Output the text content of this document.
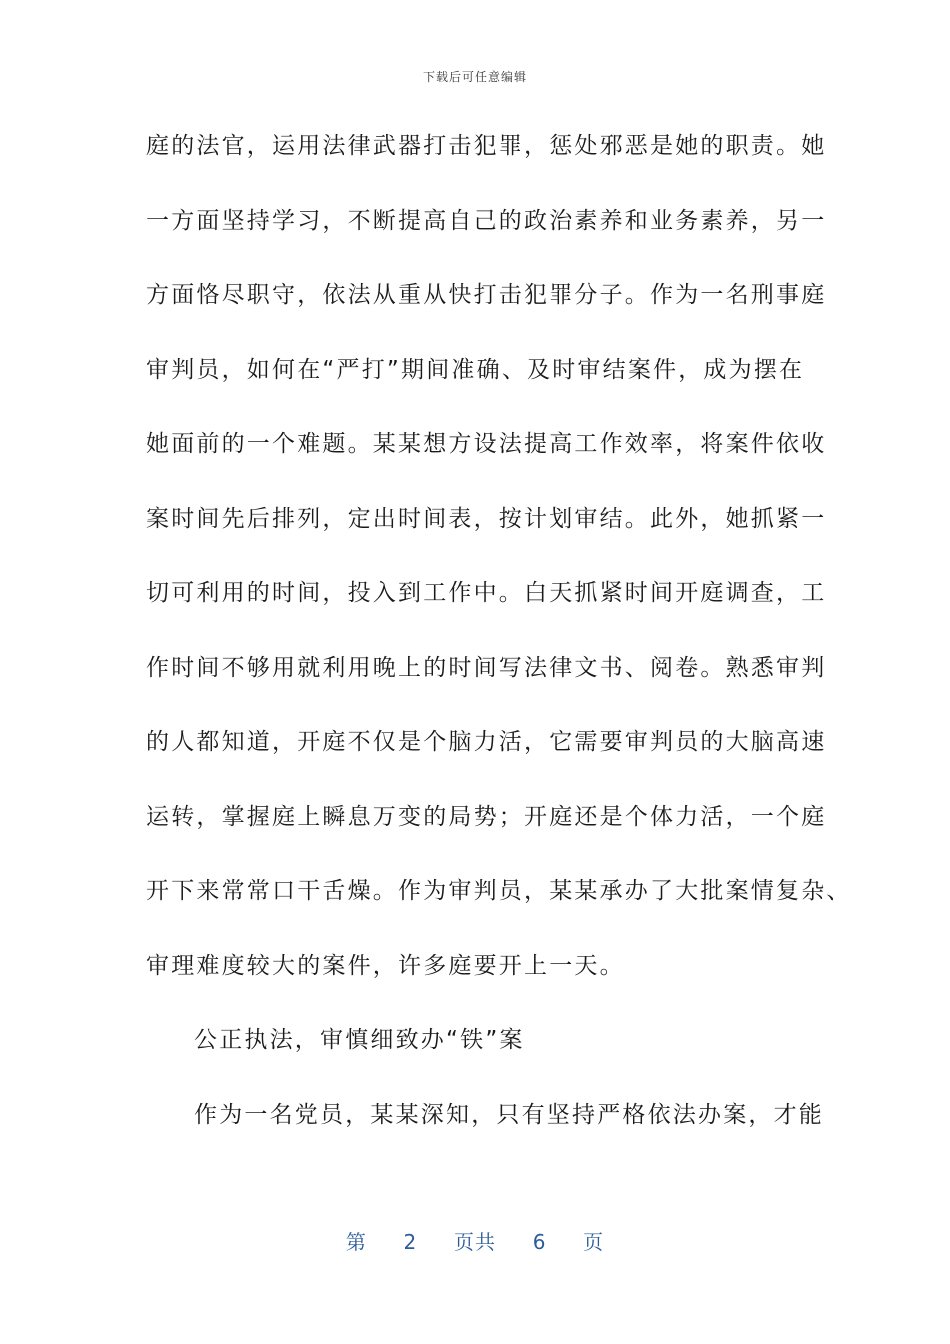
下载后可任意编辑
庭的法官，运用法律武器打击犯罪，惩处邪恶是她的职责。她
一方面坚持学习，不断提高自己的政治素养和业务素养，另一
方面恪尽职守，依法从重从快打击犯罪分子。作为一名刑事庭
审判员，如何在“严打”期间准确、及时审结案件，成为摆在
她面前的一个难题。某某想方设法提高工作效率，将案件依收
案时间先后排列，定出时间表，按计划审结。此外，她抓紧一
切可利用的时间，投入到工作中。白天抓紧时间开庭调查，工
作时间不够用就利用晚上的时间写法律文书、阅卷。熟悉审判
的人都知道，开庭不仅是个脑力活，它需要审判员的大脑高速
运转，掌握庭上瞬息万变的局势；开庭还是个体力活，一个庭
开下来常常口干舌燥。作为审判员，某某承办了大批案情复杂、
审理难度较大的案件，许多庭要开上一天。
公正执法，审慎细致办“铁”案
作为一名党员，某某深知，只有坚持严格依法办案，才能
第 2 页共 6 页
